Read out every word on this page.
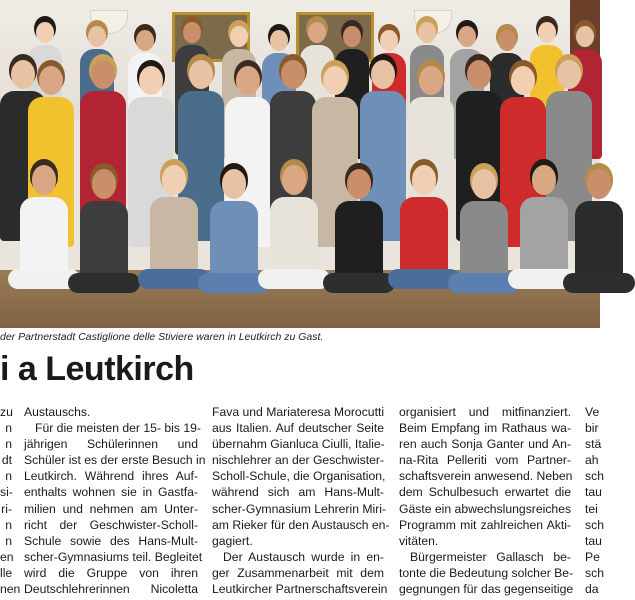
der Partnerstadt Castiglione delle Stiviere waren in Leutkirch zu Gast.
i a Leutkirch
zu
n
n
dt
n
si-
ri-
n
n
en
lle
nen
Austauschs.
Für die meisten der 15- bis 19-
jährigen Schülerinnen und
Schüler ist es der erste Besuch in
Leutkirch. Während ihres Auf-
enthalts wohnen sie in Gastfa-
milien und nehmen am Unter-
richt der Geschwister-Scholl-
Schule sowie des Hans-Mult-
scher-Gymnasiums teil. Begleitet
wird die Gruppe von ihren
Deutschlehrerinnen Nicoletta
Fava und Mariateresa Morocutti
aus Italien. Auf deutscher Seite
übernahm Gianluca Ciulli, Italie-
nischlehrer an der Geschwister-
Scholl-Schule, die Organisation,
während sich am Hans-Mult-
scher-Gymnasium Lehrerin Miri-
am Rieker für den Austausch en-
gagiert.
Der Austausch wurde in en-
ger Zusammenarbeit mit dem
Leutkircher Partnerschaftsverein
organisiert und mitfinanziert.
Beim Empfang im Rathaus wa-
ren auch Sonja Ganter und An-
na-Rita Pelleriti vom Partner-
schaftsverein anwesend. Neben
dem Schulbesuch erwartet die
Gäste ein abwechslungsreiches
Programm mit zahlreichen Akti-
vitäten.
Bürgermeister Gallasch be-
tonte die Bedeutung solcher Be-
gegnungen für das gegenseitige
Ve
bir
stä
ah
sch
tau
tei
sch
tau
Pe
sch
da
